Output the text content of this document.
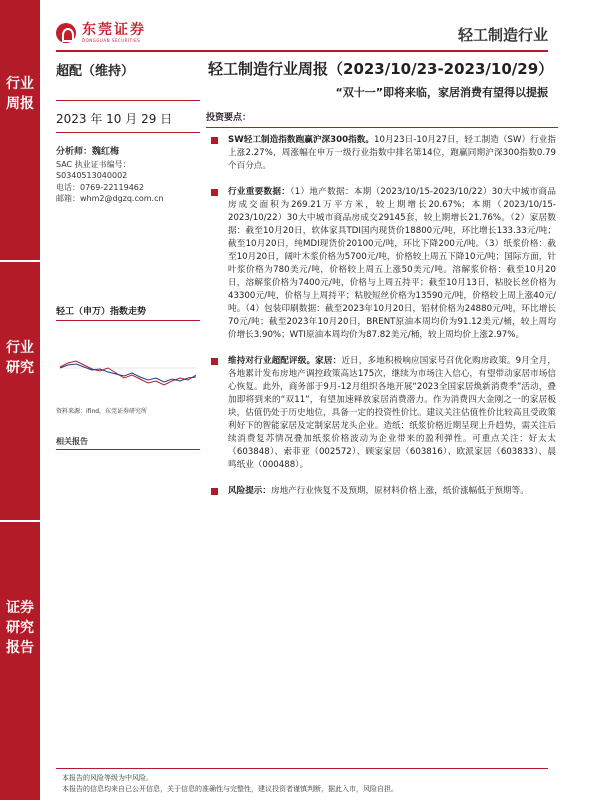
行业周报
行业研究
证券研究报告
东莞证券
DONGGUAN SECURITIES	轻工制造行业
超配（维持）	轻工制造行业周报（2023/10/23-2023/10/29）
“双十一”即将来临，家居消费有望得以提振
2023 年 10 月 29 日
分析师：魏红梅
SAC 执业证书编号：
S0340513040002
电话：0769-22119462
邮箱：whm2@dgzq.com.cn
轻工（申万）指数走势
资料来源：ifind，东莞证券研究所
相关报告
投资要点：
SW轻工制造指数跑赢沪深300指数。10月23日-10月27日，轻工制造（SW）行业指上涨2.27%，周涨幅在申万一级行业指数中排名第14位，跑赢同期沪深300指数0.79个百分点。
行业重要数据：（1）地产数据：本期（2023/10/15-2023/10/22）30大中城市商品房成交面积为269.21万平方米，较上期增长20.67%；本期（2023/10/15-2023/10/22）30大中城市商品房成交29145套，较上期增长21.76%。（2）家居数据：截至10月20日，软体家具TDI国内现货价18800元/吨，环比增长133.33元/吨；截至10月20日，纯MDI现货价20100元/吨，环比下降200元/吨。（3）纸浆价格：截至10月20日，阔叶木浆价格为5700元/吨，价格较上周五下降10元/吨；国际方面，针叶浆价格为780美元/吨，价格较上周五上涨50美元/吨。溶解浆价格：截至10月20日，溶解浆价格为7400元/吨，价格与上周五持平；截至10月13日，粘胶长丝价格为43300元/吨，价格与上周持平；粘胶短丝价格为13590元/吨，价格较上周上涨40元/吨。（4）包装印刷数据：截至2023年10月20日，铝材价格为24880元/吨，环比增长70元/吨；截至2023年10月20日，BRENT原油本周均价为91.12美元/桶，较上周均价增长3.90%；WTI原油本周均价为87.82美元/桶，较上周均价上涨2.97%。
维持对行业超配评级。家居：近日，多地积极响应国家号召优化购房政策。9月全月，各地累计发布房地产调控政策高达175次，继续为市场注入信心，有望带动家居市场信心恢复。此外，商务部于9月-12月组织各地开展“2023全国家居焕新消费季”活动，叠加即将到来的“双11”，有望加速释放家居消费潜力。作为消费四大金刚之一的家居板块，估值仍处于历史地位，具备一定的投资性价比。建议关注估值性价比较高且受政策利好下的智能家居及定制家居龙头企业。造纸：纸浆价格近期呈现上升趋势，需关注后续消费复苏情况叠加纸浆价格波动为企业带来的盈利弹性。可重点关注：好太太（603848）、索菲亚（002572）、顾家家居（603816）、欧派家居（603833）、晨鸣纸业（000488）。
风险提示：房地产行业恢复不及预期，原材料价格上涨，纸价涨幅低于预期等。
本报告的风险等级为中风险。
本报告的信息均来自已公开信息，关于信息的准确性与完整性，建议投资者谨慎判断，据此入市，风险自担。
